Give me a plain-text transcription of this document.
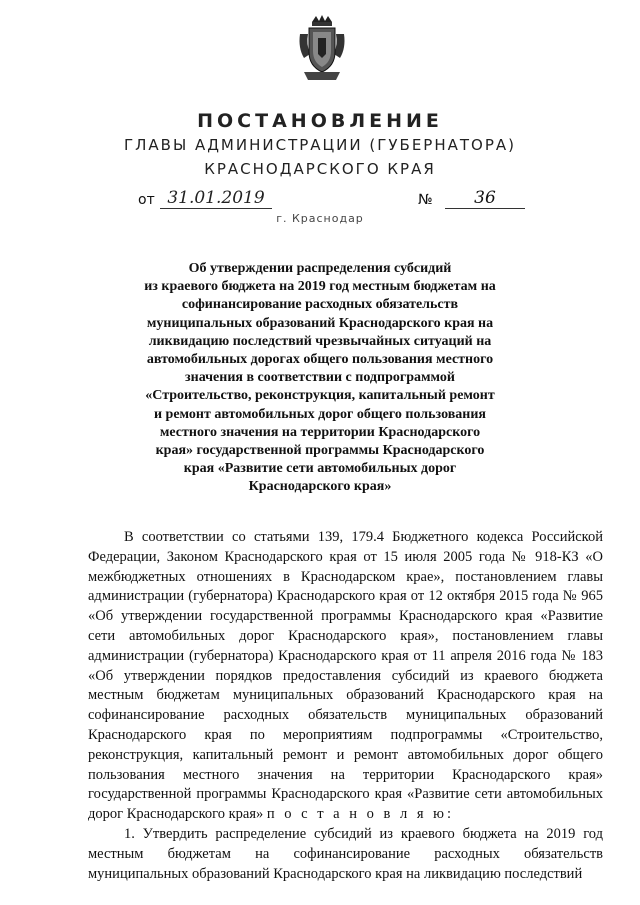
ПОСТАНОВЛЕНИЕ
ГЛАВЫ АДМИНИСТРАЦИИ (ГУБЕРНАТОРА)
КРАСНОДАРСКОГО КРАЯ
от 31.01.2019	№	36
г. Краснодар
Об утверждении распределения субсидий
из краевого бюджета на 2019 год местным бюджетам на
софинансирование расходных обязательств
муниципальных образований Краснодарского края на
ликвидацию последствий чрезвычайных ситуаций на
автомобильных дорогах общего пользования местного
значения в соответствии с подпрограммой
«Строительство, реконструкция, капитальный ремонт
и ремонт автомобильных дорог общего пользования
местного значения на территории Краснодарского
края» государственной программы Краснодарского
края «Развитие сети автомобильных дорог
Краснодарского края»

В соответствии со статьями 139, 179.4 Бюджетного кодекса Российской Федерации, Законом Краснодарского края от 15 июля 2005 года № 918-КЗ «О межбюджетных отношениях в Краснодарском крае», постановлением главы администрации (губернатора) Краснодарского края от 12 октября 2015 года № 965 «Об утверждении государственной программы Краснодарского края «Развитие сети автомобильных дорог Краснодарского края», постановлением главы администрации (губернатора) Краснодарского края от 11 апреля 2016 года № 183 «Об утверждении порядков предоставления субсидий из краевого бюджета местным бюджетам муниципальных образований Краснодарского края на софинансирование расходных обязательств муниципальных образований Краснодарского края по мероприятиям подпрограммы «Строительство, реконструкция, капитальный ремонт и ремонт автомобильных дорог общего пользования местного значения на территории Краснодарского края» государственной программы Краснодарского края «Развитие сети автомобильных дорог Краснодарского края» п о с т а н о в л я ю:

1. Утвердить распределение субсидий из краевого бюджета на 2019 год местным бюджетам на софинансирование расходных обязательств муниципальных образований Краснодарского края на ликвидацию последствий
